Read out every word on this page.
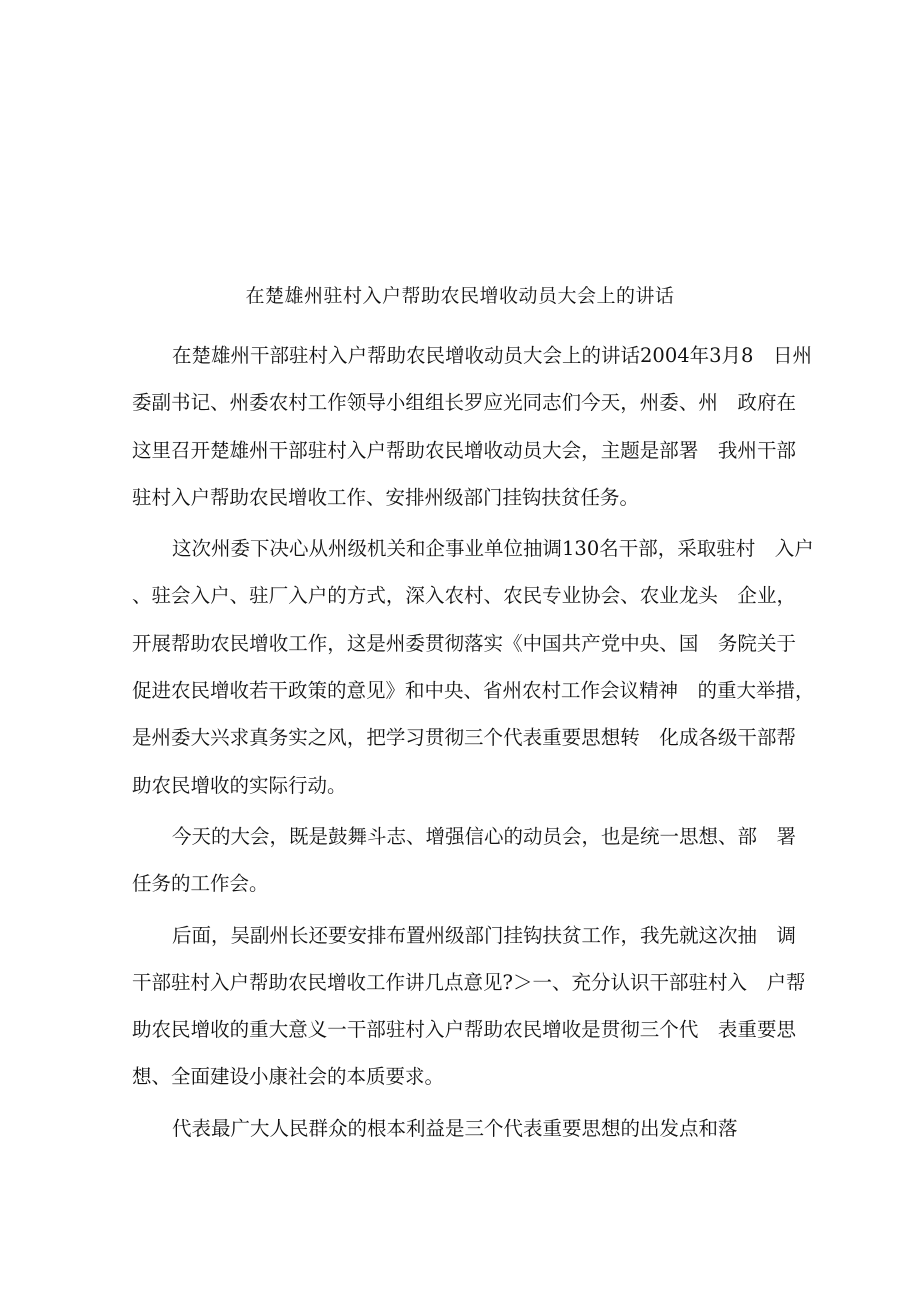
在楚雄州驻村入户帮助农民增收动员大会上的讲话
在楚雄州干部驻村入户帮助农民增收动员大会上的讲话2004年3月8　日州
委副书记、州委农村工作领导小组组长罗应光同志们今天，州委、州　政府在
这里召开楚雄州干部驻村入户帮助农民增收动员大会，主题是部署　我州干部
驻村入户帮助农民增收工作、安排州级部门挂钩扶贫任务。
这次州委下决心从州级机关和企事业单位抽调130名干部，采取驻村　入户
、驻会入户、驻厂入户的方式，深入农村、农民专业协会、农业龙头　企业，
开展帮助农民增收工作，这是州委贯彻落实《中国共产党中央、国　务院关于
促进农民增收若干政策的意见》和中央、省州农村工作会议精神　的重大举措，
是州委大兴求真务实之风，把学习贯彻三个代表重要思想转　化成各级干部帮
助农民增收的实际行动。
今天的大会，既是鼓舞斗志、增强信心的动员会，也是统一思想、部　署
任务的工作会。
后面，吴副州长还要安排布置州级部门挂钩扶贫工作，我先就这次抽　调
干部驻村入户帮助农民增收工作讲几点意见?＞一、充分认识干部驻村入　户帮
助农民增收的重大意义一干部驻村入户帮助农民增收是贯彻三个代　表重要思
想、全面建设小康社会的本质要求。
代表最广大人民群众的根本利益是三个代表重要思想的出发点和落
